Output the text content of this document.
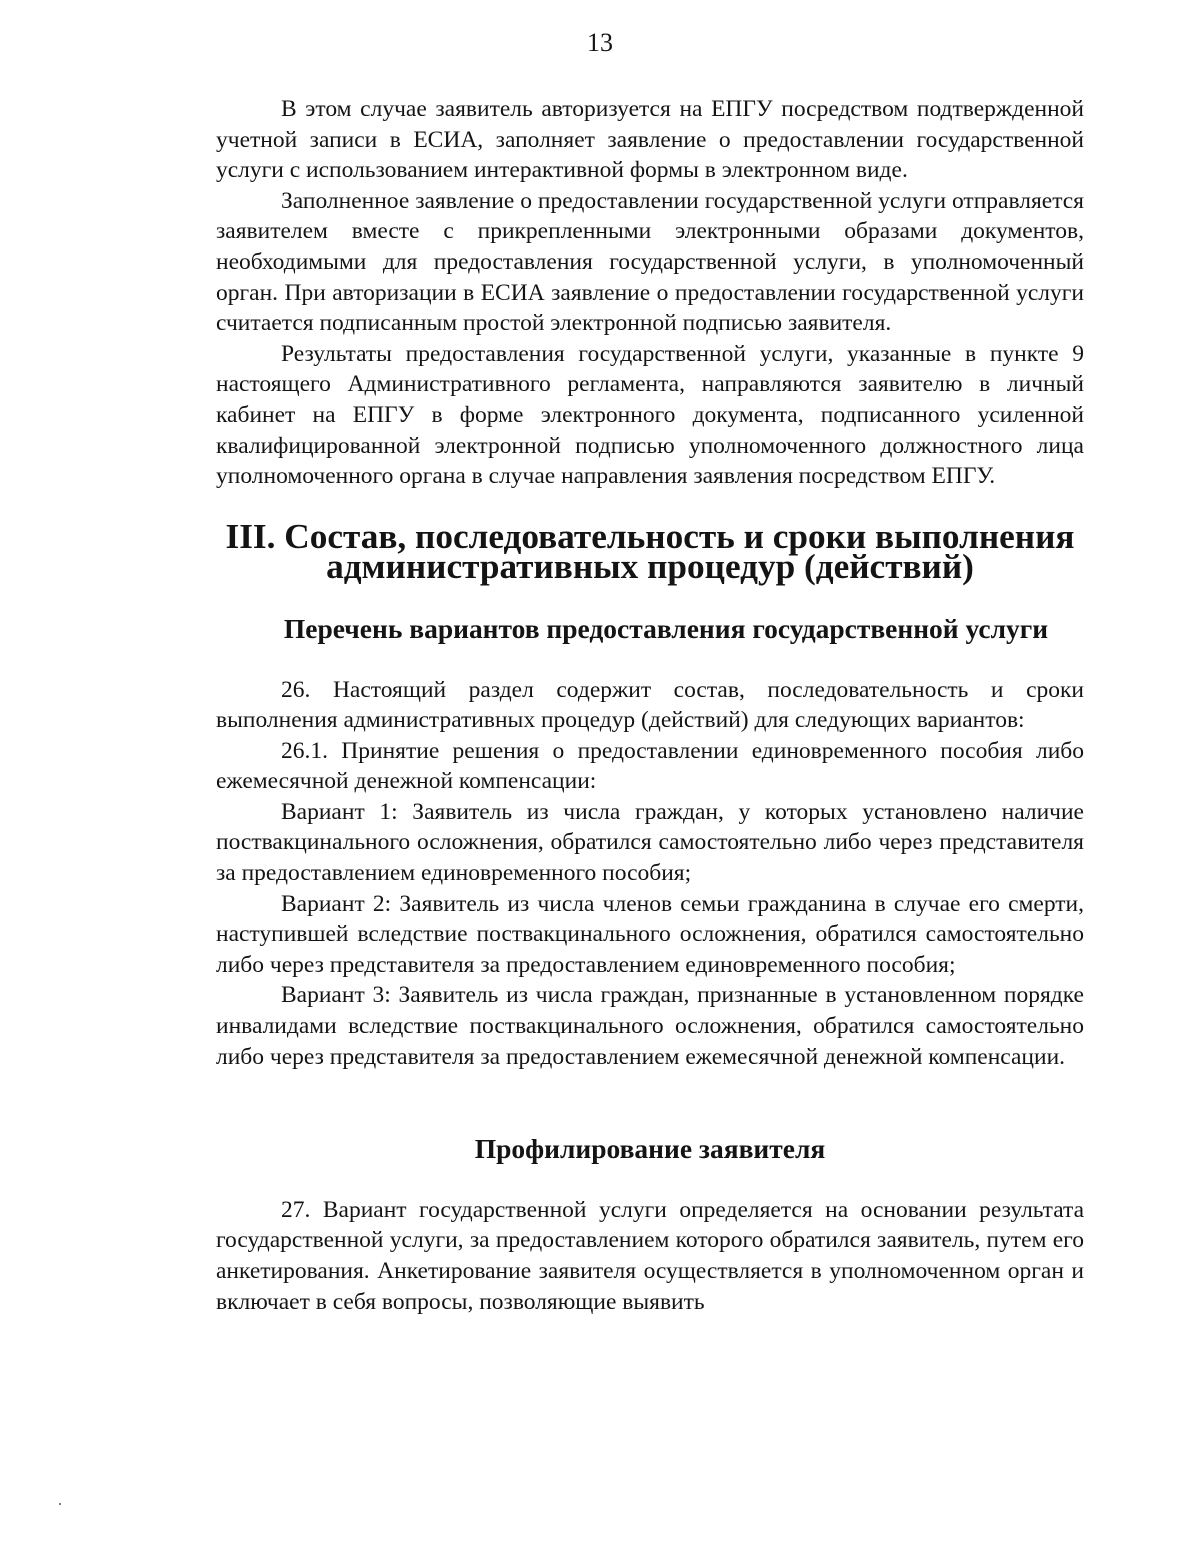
13

В этом случае заявитель авторизуется на ЕПГУ посредством подтвержденной учетной записи в ЕСИА, заполняет заявление о предоставлении государственной услуги с использованием интерактивной формы в электронном виде.

Заполненное заявление о предоставлении государственной услуги отправляется заявителем вместе с прикрепленными электронными образами документов, необходимыми для предоставления государственной услуги, в уполномоченный орган. При авторизации в ЕСИА заявление о предоставлении государственной услуги считается подписанным простой электронной подписью заявителя.

Результаты предоставления государственной услуги, указанные в пункте 9 настоящего Административного регламента, направляются заявителю в личный кабинет на ЕПГУ в форме электронного документа, подписанного усиленной квалифицированной электронной подписью уполномоченного должностного лица уполномоченного органа в случае направления заявления посредством ЕПГУ.

III. Состав, последовательность и сроки выполнения
административных процедур (действий)
Перечень вариантов предоставления государственной услуги

26. Настоящий раздел содержит состав, последовательность и сроки выполнения административных процедур (действий) для следующих вариантов:

26.1. Принятие решения о предоставлении единовременного пособия либо ежемесячной денежной компенсации:

Вариант 1: Заявитель из числа граждан, у которых установлено наличие поствакцинального осложнения, обратился самостоятельно либо через представителя за предоставлением единовременного пособия;

Вариант 2: Заявитель из числа членов семьи гражданина в случае его смерти, наступившей вследствие поствакцинального осложнения, обратился самостоятельно либо через представителя за предоставлением единовременного пособия;

Вариант 3: Заявитель из числа граждан, признанные в установленном порядке инвалидами вследствие поствакцинального осложнения, обратился самостоятельно либо через представителя за предоставлением ежемесячной денежной компенсации.

Профилирование заявителя

27. Вариант государственной услуги определяется на основании результата государственной услуги, за предоставлением которого обратился заявитель, путем его анкетирования. Анкетирование заявителя осуществляется в уполномоченном орган и включает в себя вопросы, позволяющие выявить
